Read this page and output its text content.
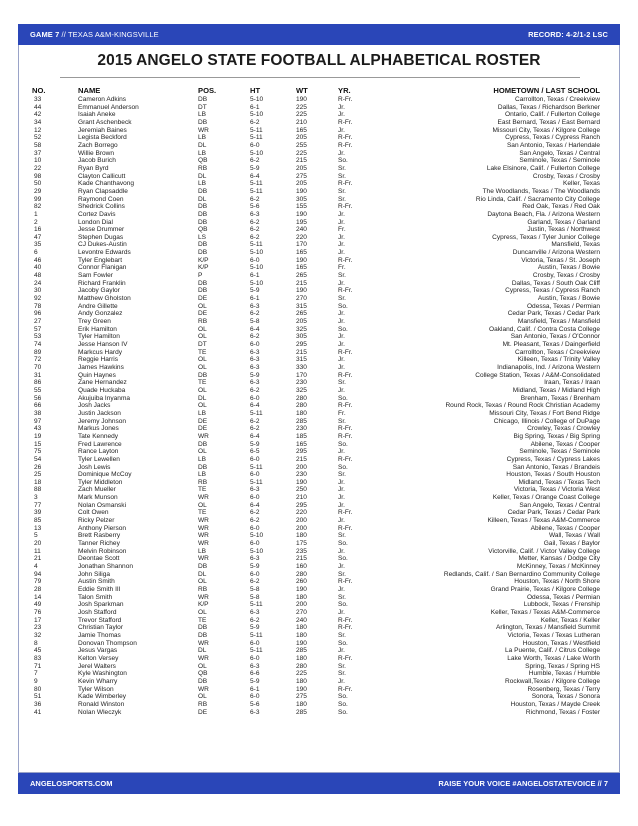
GAME 7 // TEXAS A&M-KINGSVILLE	RECORD: 4-2/1-2 LSC
2015 ANGELO STATE FOOTBALL ALPHABETICAL ROSTER
NO.	NAME	POS.	HT	WT	YR.	HOMETOWN / LAST SCHOOL
33	Cameron Adkins	DB	5-10	190	R-Fr.	Carrollton, Texas / Creekview
44	Emmanuel Anderson	DT	6-1	225	Jr.	Dallas, Texas / Richardson Berkner
42	Isaiah Aneke	LB	5-10	225	Jr.	Ontario, Calif. / Fullerton College
34	Grant Aschenbeck	DB	6-2	210	R-Fr.	East Bernard, Texas / East Bernard
12	Jeremiah Baines	WR	5-11	165	Jr.	Missouri City, Texas / Kilgore College
52	Legista Beckford	LB	5-11	205	R-Fr.	Cypress, Texas / Cypress Ranch
58	Zach Borrego	DL	6-0	255	R-Fr.	San Antonio, Texas / Harlendale
37	Willie Brown	LB	5-10	225	Jr.	San Angelo, Texas / Central
10	Jacob Burich	QB	6-2	215	So.	Seminole, Texas / Seminole
22	Ryan Byrd	RB	5-9	205	Sr.	Lake Elsinore, Calif. / Fullerton College
98	Clayton Callicutt	DL	6-4	275	Sr.	Crosby, Texas / Crosby
50	Kade Chanthavong	LB	5-11	205	R-Fr.	Keller, Texas
29	Ryan Clapsaddle	DB	5-11	190	Sr.	The Woodlands, Texas / The Woodlands
99	Raymond Coen	DL	6-2	305	Sr.	Rio Linda, Calif. / Sacramento City College
82	Shedrick Collins	DB	5-6	155	R-Fr.	Red Oak, Texas / Red Oak
1	Cortez Davis	DB	6-3	190	Jr.	Daytona Beach, Fla. / Arizona Western
2	London Dial	DB	6-2	195	Jr.	Garland, Texas / Garland
16	Jesse Drummer	QB	6-2	240	Fr.	Justin, Texas / Northwest
47	Stephen Dugas	LS	6-2	220	Jr.	Cypress, Texas / Tyler Junior College
35	CJ Dukes-Austin	DB	5-11	170	Jr.	Mansfield, Texas
6	Levontre Edwards	DB	5-10	165	Jr.	Duncanville / Arizona Western
46	Tyler Englebart	K/P	6-0	190	R-Fr.	Victoria, Texas / St. Joseph
40	Connor Flanigan	K/P	5-10	165	Fr.	Austin, Texas / Bowie
48	Sam Fowler	P	6-1	265	Sr.	Crosby, Texas / Crosby
24	Richard Franklin	DB	5-10	215	Jr.	Dallas, Texas / South Oak Cliff
30	Jacoby Gaylor	DB	5-9	190	R-Fr.	Cypress, Texas / Cypress Ranch
92	Matthew Gholston	DE	6-1	270	Sr.	Austin, Texas / Bowie
78	Andre Gillette	OL	6-3	315	So.	Odessa, Texas / Permian
96	Andy Gonzalez	DE	6-2	265	Jr.	Cedar Park, Texas / Cedar Park
27	Trey Green	RB	5-8	205	Jr.	Mansfield, Texas / Mansfield
57	Erik Hamilton	OL	6-4	325	So.	Oakland, Calif. / Contra Costa College
53	Tyler Hamilton	OL	6-2	305	Jr.	San Antonio, Texas / O'Connor
74	Jesse Hanson IV	DT	6-0	295	Jr.	Mt. Pleasant, Texas / Daingerfield
89	Markcus Hardy	TE	6-3	215	R-Fr.	Carrollton, Texas / Creekview
72	Reggie Harris	OL	6-3	315	Jr.	Killeen, Texas / Trinity Valley
70	James Hawkins	OL	6-3	330	Jr.	Indianapolis, Ind. / Arizona Western
31	Quin Haynes	DB	5-9	170	R-Fr.	College Station, Texas / A&M-Consolidated
86	Zane Hernandez	TE	6-3	230	Sr.	Iraan, Texas / Iraan
55	Quade Huckaba	OL	6-2	325	Jr.	Midland, Texas / Midland High
56	Akujuiba Inyanma	DL	6-0	280	So.	Brenham, Texas / Brenham
66	Josh Jacks	OL	6-4	280	R-Fr.	Round Rock, Texas / Round Rock Christian Academy
38	Justin Jackson	LB	5-11	180	Fr.	Missouri City, Texas / Fort Bend Ridge
97	Jeremy Johnson	DE	6-2	285	Sr.	Chicago, Illinois / College of DuPage
43	Markus Jones	DE	6-2	230	R-Fr.	Crowley, Texas / Crowley
19	Tate Kennedy	WR	6-4	185	R-Fr.	Big Spring, Texas / Big Spring
15	Fred Lawrence	DB	5-9	165	So.	Abilene, Texas / Cooper
75	Rance Layton	OL	6-5	295	Jr.	Seminole, Texas / Seminole
54	Tyler Lewellen	LB	6-0	215	R-Fr.	Cypress, Texas / Cypress Lakes
26	Josh Lewis	DB	5-11	200	So.	San Antonio, Texas / Brandeis
25	Dominique McCoy	LB	6-0	230	Sr.	Houston, Texas / South Houston
18	Tyler Middleton	RB	5-11	190	Jr.	Midland, Texas / Texas Tech
88	Zach Mueller	TE	6-3	250	Jr.	Victoria, Texas / Victoria West
3	Mark Munson	WR	6-0	210	Jr.	Keller, Texas / Orange Coast College
77	Nolan Osmanski	OL	6-4	295	Jr.	San Angelo, Texas / Central
39	Colt Owen	TE	6-2	220	R-Fr.	Cedar Park, Texas / Cedar Park
85	Ricky Pelzer	WR	6-2	200	Jr.	Killeen, Texas / Texas A&M-Commerce
13	Anthony Pierson	WR	6-0	200	R-Fr.	Abilene, Texas / Cooper
5	Brett Rasberry	WR	5-10	180	Sr.	Wall, Texas / Wall
20	Tanner Richey	WR	6-0	175	So.	Gail, Texas / Baylor
11	Melvin Robinson	LB	5-10	235	Jr.	Victorville, Calif. / Victor Valley College
21	Deontae Scott	WR	6-3	215	So.	Metter, Kansas / Dodge City
4	Jonathan Shannon	DB	5-9	160	Jr.	McKinney, Texas / McKinney
94	John Siliga	DL	6-0	280	Sr.	Redlands, Calif. / San Bernardino Community College
79	Austin Smith	OL	6-2	260	R-Fr.	Houston, Texas / North Shore
28	Eddie Smith III	RB	5-8	190	Jr.	Grand Prairie, Texas / Kilgore College
14	Talon Smith	WR	5-8	180	Sr.	Odessa, Texas / Permian
49	Josh Sparkman	K/P	5-11	200	So.	Lubbock, Texas / Frenship
76	Josh Stafford	OL	6-3	270	Jr.	Keller, Texas / Texas A&M-Commerce
17	Trevor Stafford	TE	6-2	240	R-Fr.	Keller, Texas / Keller
23	Christian Taylor	DB	5-9	180	R-Fr.	Arlington, Texas / Mansfield Summit
32	Jamie Thomas	DB	5-11	180	Sr.	Victoria, Texas / Texas Lutheran
8	Donovan Thompson	WR	6-0	190	So.	Houston, Texas / Westfield
45	Jesus Vargas	DL	5-11	285	Jr.	La Puente, Calif. / Citrus College
83	Kelton Versey	WR	6-0	180	R-Fr.	Lake Worth, Texas / Lake Worth
71	Jerel Walters	OL	6-3	280	Sr.	Spring, Texas / Spring HS
7	Kyle Washington	QB	6-6	225	Sr.	Humble, Texas / Humble
9	Kevin Wharry	DB	5-9	180	Jr.	Rockwall,Texas / Kilgore College
80	Tyler Wilson	WR	6-1	190	R-Fr.	Rosenberg, Texas / Terry
51	Kade Wimberley	OL	6-0	275	So.	Sonora, Texas / Sonora
36	Ronald Winston	RB	5-6	180	So.	Houston, Texas / Mayde Creek
41	Nolan Wleczyk	DE	6-3	285	So.	Richmond, Texas / Foster
ANGELOSPORTS.COM	RAISE YOUR VOICE #ANGELOSTATEVOICE // 7
